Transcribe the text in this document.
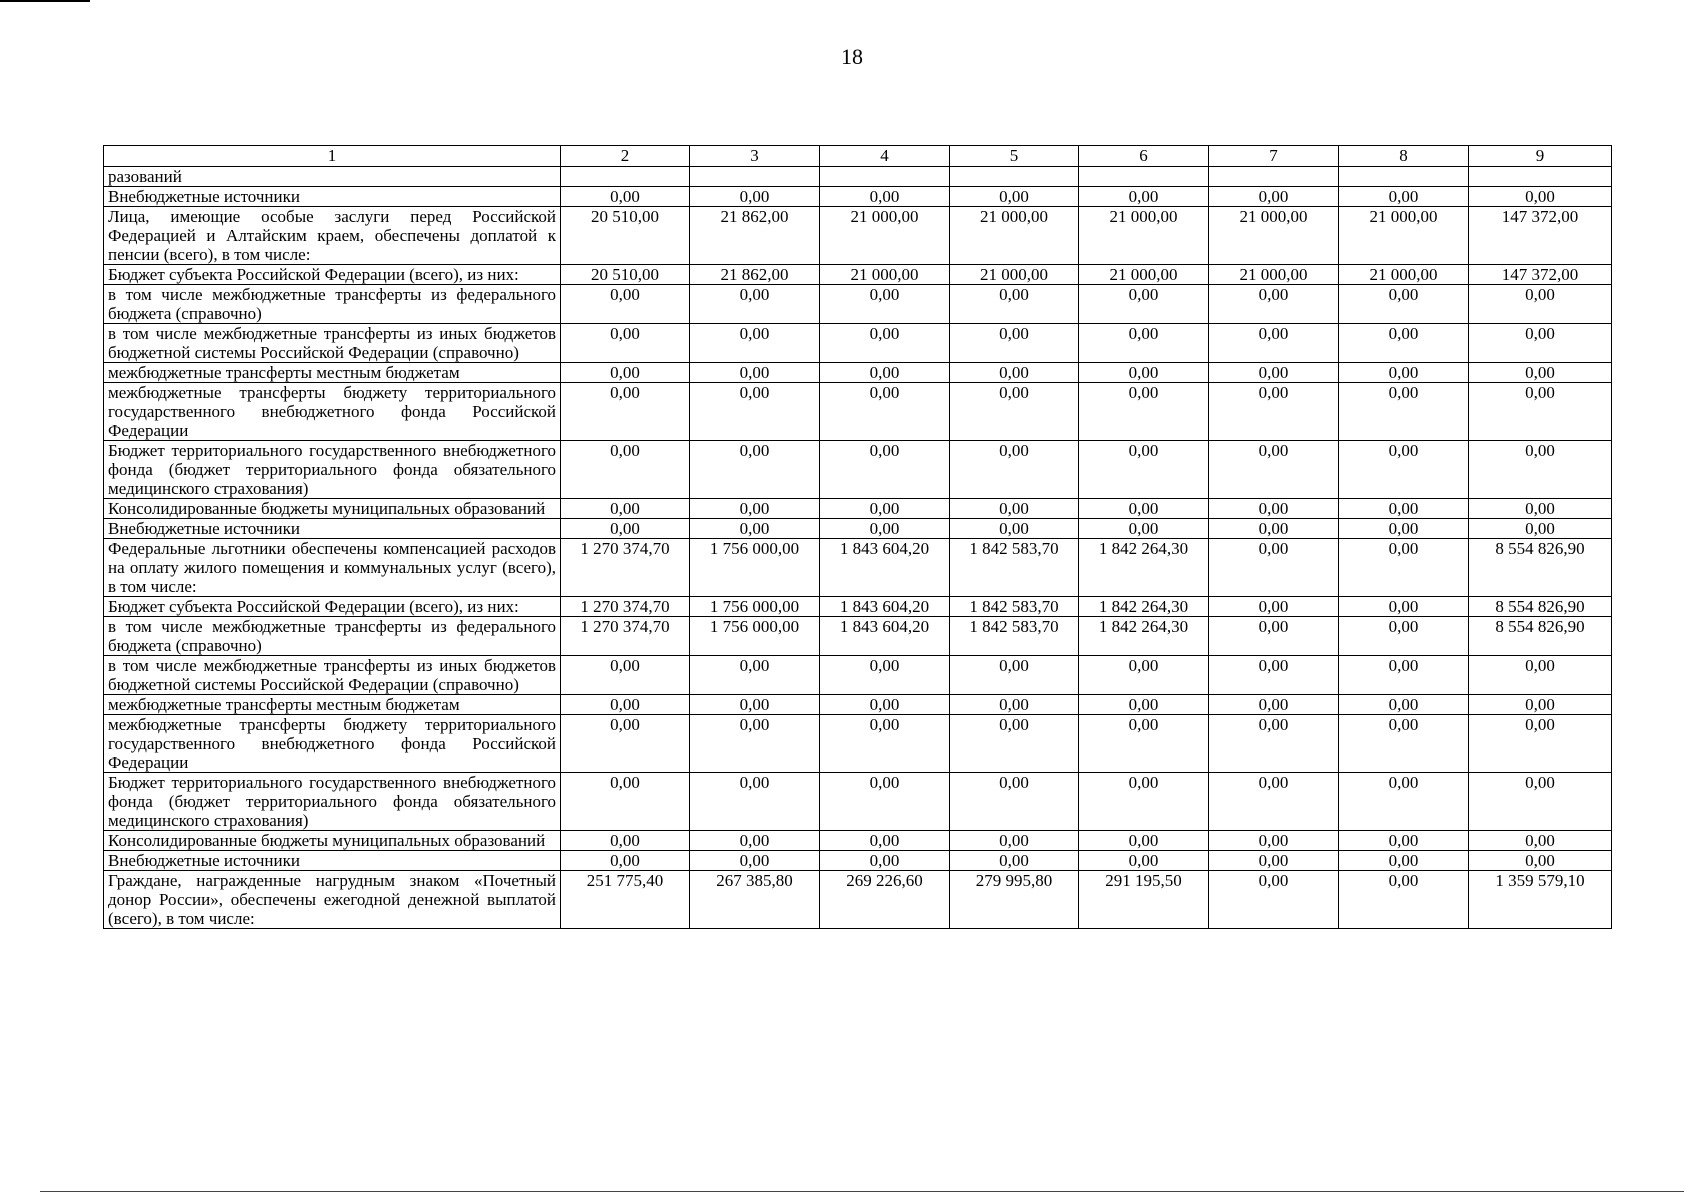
18
1	2	3	4	5	6	7	8	9
разований								
Внебюджетные источники	0,00	0,00	0,00	0,00	0,00	0,00	0,00	0,00
Лица, имеющие особые заслуги перед Российской Федерацией и Алтайским краем, обеспечены доплатой к пенсии (всего), в том числе:	20 510,00	21 862,00	21 000,00	21 000,00	21 000,00	21 000,00	21 000,00	147 372,00
Бюджет субъекта Российской Федерации (всего), из них:	20 510,00	21 862,00	21 000,00	21 000,00	21 000,00	21 000,00	21 000,00	147 372,00
в том числе межбюджетные трансферты из федерального бюджета (справочно)	0,00	0,00	0,00	0,00	0,00	0,00	0,00	0,00
в том числе межбюджетные трансферты из иных бюджетов бюджетной системы Российской Федерации (справочно)	0,00	0,00	0,00	0,00	0,00	0,00	0,00	0,00
межбюджетные трансферты местным бюджетам	0,00	0,00	0,00	0,00	0,00	0,00	0,00	0,00
межбюджетные трансферты бюджету территориального государственного внебюджетного фонда Российской Федерации	0,00	0,00	0,00	0,00	0,00	0,00	0,00	0,00
Бюджет территориального государственного внебюджетного фонда (бюджет территориального фонда обязательного медицинского страхования)	0,00	0,00	0,00	0,00	0,00	0,00	0,00	0,00
Консолидированные бюджеты муниципальных образований	0,00	0,00	0,00	0,00	0,00	0,00	0,00	0,00
Внебюджетные источники	0,00	0,00	0,00	0,00	0,00	0,00	0,00	0,00
Федеральные льготники обеспечены компенсацией расходов на оплату жилого помещения и коммунальных услуг (всего), в том числе:	1 270 374,70	1 756 000,00	1 843 604,20	1 842 583,70	1 842 264,30	0,00	0,00	8 554 826,90
Бюджет субъекта Российской Федерации (всего), из них:	1 270 374,70	1 756 000,00	1 843 604,20	1 842 583,70	1 842 264,30	0,00	0,00	8 554 826,90
в том числе межбюджетные трансферты из федерального бюджета (справочно)	1 270 374,70	1 756 000,00	1 843 604,20	1 842 583,70	1 842 264,30	0,00	0,00	8 554 826,90
в том числе межбюджетные трансферты из иных бюджетов бюджетной системы Российской Федерации (справочно)	0,00	0,00	0,00	0,00	0,00	0,00	0,00	0,00
межбюджетные трансферты местным бюджетам	0,00	0,00	0,00	0,00	0,00	0,00	0,00	0,00
межбюджетные трансферты бюджету территориального государственного внебюджетного фонда Российской Федерации	0,00	0,00	0,00	0,00	0,00	0,00	0,00	0,00
Бюджет территориального государственного внебюджетного фонда (бюджет территориального фонда обязательного медицинского страхования)	0,00	0,00	0,00	0,00	0,00	0,00	0,00	0,00
Консолидированные бюджеты муниципальных образований	0,00	0,00	0,00	0,00	0,00	0,00	0,00	0,00
Внебюджетные источники	0,00	0,00	0,00	0,00	0,00	0,00	0,00	0,00
Граждане, награжденные нагрудным знаком «Почетный донор России», обеспечены ежегодной денежной выплатой (всего), в том числе:	251 775,40	267 385,80	269 226,60	279 995,80	291 195,50	0,00	0,00	1 359 579,10
